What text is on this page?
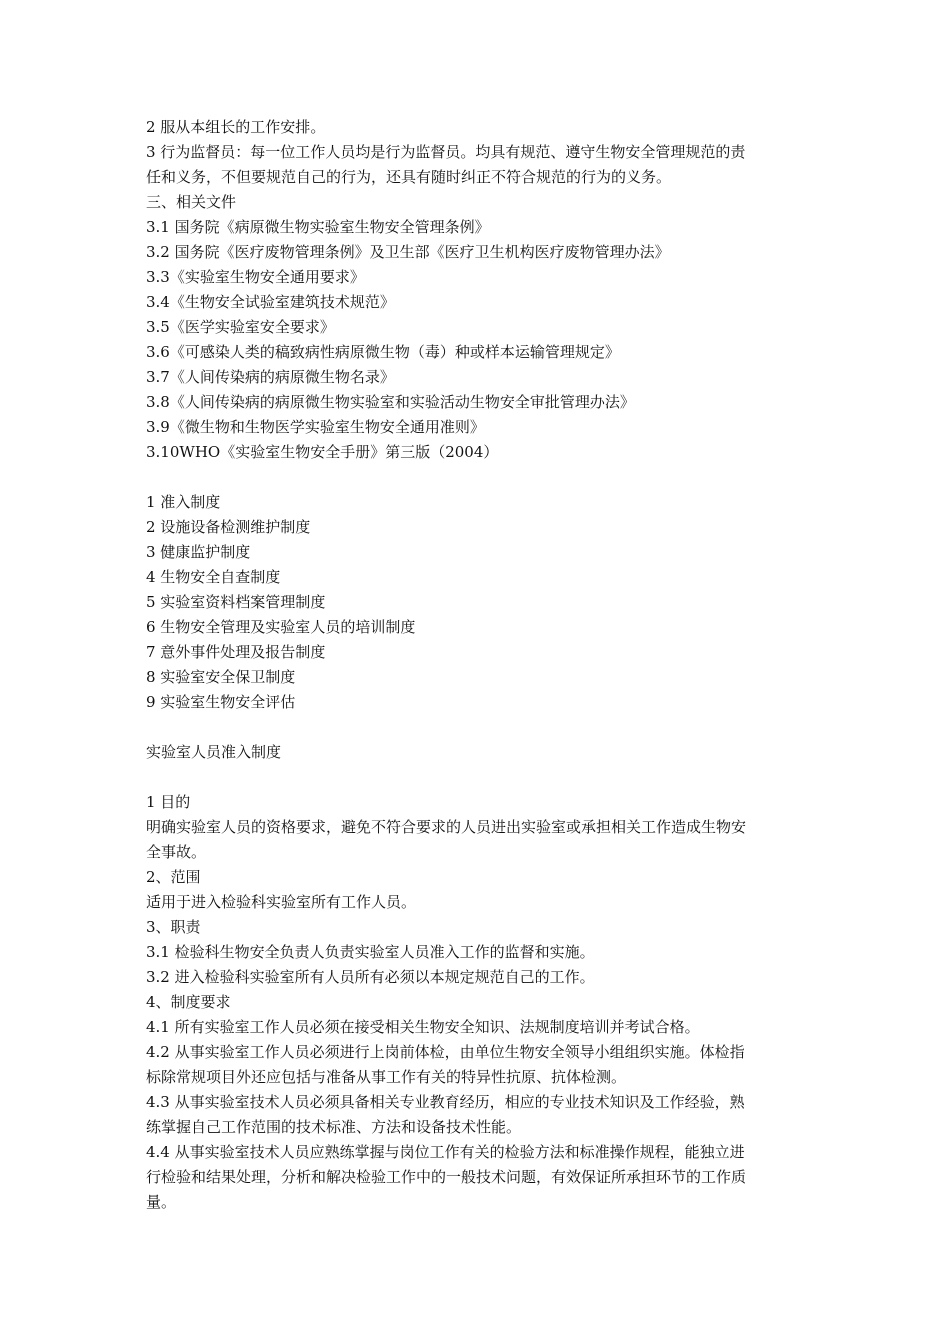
2 服从本组长的工作安排。
3 行为监督员：每一位工作人员均是行为监督员。均具有规范、遵守生物安全管理规范的责
任和义务，不但要规范自己的行为，还具有随时纠正不符合规范的行为的义务。
三、相关文件
3.1 国务院《病原微生物实验室生物安全管理条例》
3.2 国务院《医疗废物管理条例》及卫生部《医疗卫生机构医疗废物管理办法》
3.3《实验室生物安全通用要求》
3.4《生物安全试验室建筑技术规范》
3.5《医学实验室安全要求》
3.6《可感染人类的稿致病性病原微生物（毒）种或样本运输管理规定》
3.7《人间传染病的病原微生物名录》
3.8《人间传染病的病原微生物实验室和实验活动生物安全审批管理办法》
3.9《微生物和生物医学实验室生物安全通用准则》
3.10WHO《实验室生物安全手册》第三版（2004）
1 准入制度
2 设施设备检测维护制度
3 健康监护制度
4 生物安全自查制度
5 实验室资料档案管理制度
6 生物安全管理及实验室人员的培训制度
7 意外事件处理及报告制度
8 实验室安全保卫制度
9 实验室生物安全评估
实验室人员准入制度
1 目的
明确实验室人员的资格要求，避免不符合要求的人员进出实验室或承担相关工作造成生物安
全事故。
2、范围
适用于进入检验科实验室所有工作人员。
3、职责
3.1 检验科生物安全负责人负责实验室人员准入工作的监督和实施。
3.2 进入检验科实验室所有人员所有必须以本规定规范自己的工作。
4、制度要求
4.1 所有实验室工作人员必须在接受相关生物安全知识、法规制度培训并考试合格。
4.2 从事实验室工作人员必须进行上岗前体检，由单位生物安全领导小组组织实施。体检指
标除常规项目外还应包括与准备从事工作有关的特异性抗原、抗体检测。
4.3 从事实验室技术人员必须具备相关专业教育经历，相应的专业技术知识及工作经验，熟
练掌握自己工作范围的技术标准、方法和设备技术性能。
4.4 从事实验室技术人员应熟练掌握与岗位工作有关的检验方法和标准操作规程，能独立进
行检验和结果处理，分析和解决检验工作中的一般技术问题，有效保证所承担环节的工作质
量。
